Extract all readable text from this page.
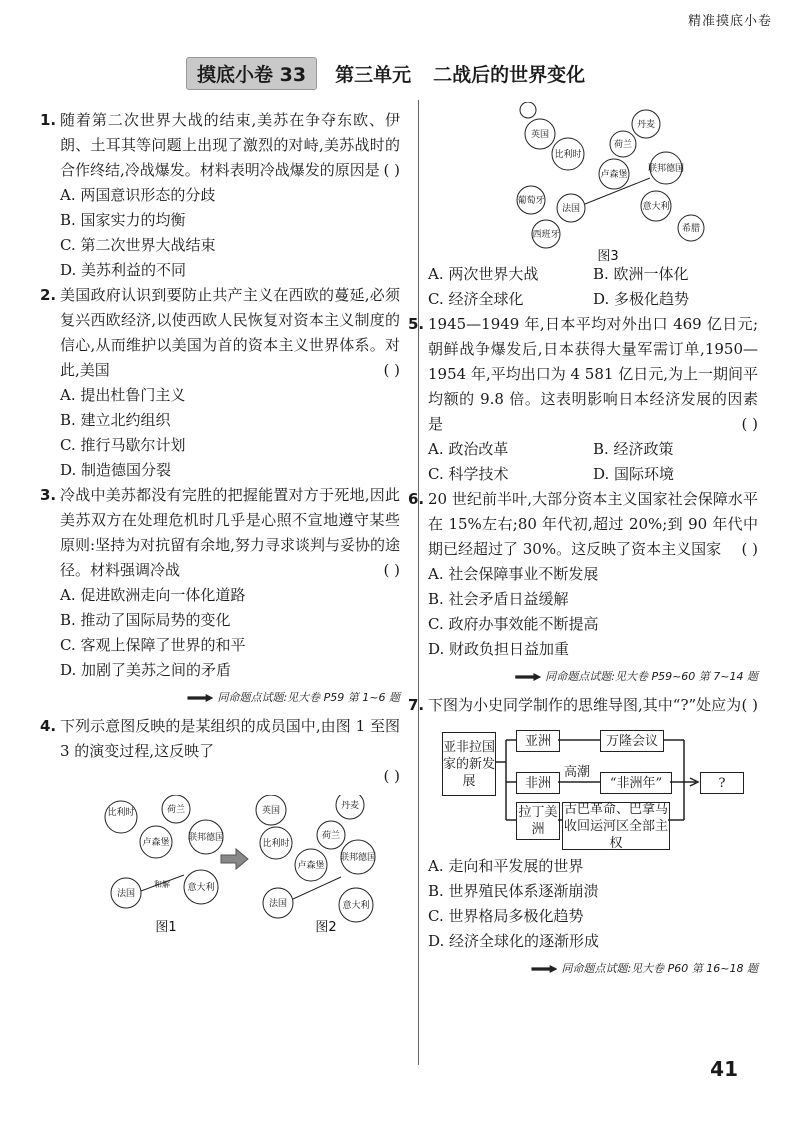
精准摸底小卷
摸底小卷 33	第三单元 二战后的世界变化
1. 随着第二次世界大战的结束,美苏在争夺东欧、伊朗、土耳其等问题上出现了激烈的对峙,美苏战时的合作终结,冷战爆发。材料表明冷战爆发的原因是 ( )
A. 两国意识形态的分歧
B. 国家实力的均衡
C. 第二次世界大战结束
D. 美苏利益的不同
2. 美国政府认识到要防止共产主义在西欧的蔓延,必须复兴西欧经济,以使西欧人民恢复对资本主义制度的信心,从而维护以美国为首的资本主义世界体系。对此,美国	( )
A. 提出杜鲁门主义
B. 建立北约组织
C. 推行马歇尔计划
D. 制造德国分裂
3. 冷战中美苏都没有完胜的把握能置对方于死地,因此美苏双方在处理危机时几乎是心照不宣地遵守某些原则:坚持为对抗留有余地,努力寻求谈判与妥协的途径。材料强调冷战	( )
A. 促进欧洲走向一体化道路
B. 推动了国际局势的变化
C. 客观上保障了世界的和平
D. 加剧了美苏之间的矛盾
同命题点试题:见大卷 P59 第 1~6 题
4. 下列示意图反映的是某组织的成员国中,由图 1 至图 3 的演变过程,这反映了
( )
比利时	荷兰
卢森堡 联邦德国
法国
意大利
和解
英国	丹麦
比利时
荷兰
卢森堡
联邦德国
法国	意大利
图1	图2
英国
丹麦
比利时
荷兰
卢森堡
联邦德国
葡萄牙
法国	意大利
西班牙
希腊
图3
A. 两次世界大战	B. 欧洲一体化
C. 经济全球化	D. 多极化趋势
5. 1945—1949 年,日本平均对外出口 469 亿日元;朝鲜战争爆发后,日本获得大量军需订单,1950—1954 年,平均出口为 4 581 亿日元,为上一期间平均额的 9.8 倍。这表明影响日本经济发展的因素是	( )
A. 政治改革	B. 经济政策
C. 科学技术	D. 国际环境
6. 20 世纪前半叶,大部分资本主义国家社会保障水平在 15%左右;80 年代初,超过 20%;到 90 年代中期已经超过了 30%。这反映了资本主义国家 ( )
A. 社会保障事业不断发展
B. 社会矛盾日益缓解
C. 政府办事效能不断提高
D. 财政负担日益加重
同命题点试题:见大卷 P59~60 第 7~14 题
7. 下图为小史同学制作的思维导图,其中“?”处应为 ( )
亚非拉国家的新发展
亚洲
非洲
拉丁美洲
万隆会议
高潮
“非洲年”
古巴革命、巴拿马收回运河区全部主权
?
A. 走向和平发展的世界
B. 世界殖民体系逐渐崩溃
C. 世界格局多极化趋势
D. 经济全球化的逐渐形成
同命题点试题:见大卷 P60 第 16~18 题
41
